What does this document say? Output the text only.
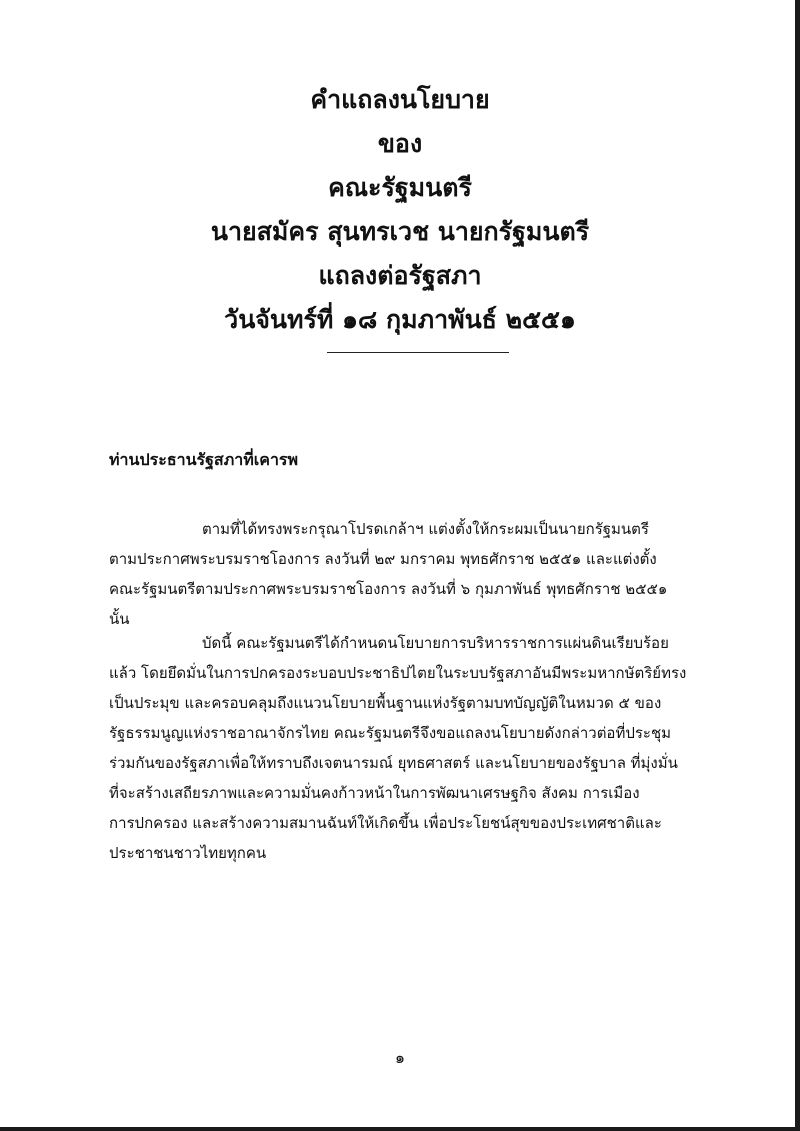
คำแถลงนโยบาย
ของ
คณะรัฐมนตรี
นายสมัคร สุนทรเวช นายกรัฐมนตรี
แถลงต่อรัฐสภา
วันจันทร์ที่ ๑๘ กุมภาพันธ์ ๒๕๕๑
ท่านประธานรัฐสภาที่เคารพ
ตามที่ได้ทรงพระกรุณาโปรดเกล้าฯ แต่งตั้งให้กระผมเป็นนายกรัฐมนตรี
ตามประกาศพระบรมราชโองการ ลงวันที่ ๒๙ มกราคม พุทธศักราช ๒๕๕๑ และแต่งตั้ง
คณะรัฐมนตรีตามประกาศพระบรมราชโองการ ลงวันที่ ๖ กุมภาพันธ์ พุทธศักราช ๒๕๕๑
นั้น
บัดนี้ คณะรัฐมนตรีได้กำหนดนโยบายการบริหารราชการแผ่นดินเรียบร้อย
แล้ว โดยยึดมั่นในการปกครองระบอบประชาธิปไตยในระบบรัฐสภาอันมีพระมหากษัตริย์ทรง
เป็นประมุข และครอบคลุมถึงแนวนโยบายพื้นฐานแห่งรัฐตามบทบัญญัติในหมวด ๕ ของ
รัฐธรรมนูญแห่งราชอาณาจักรไทย คณะรัฐมนตรีจึงขอแถลงนโยบายดังกล่าวต่อที่ประชุม
ร่วมกันของรัฐสภาเพื่อให้ทราบถึงเจตนารมณ์ ยุทธศาสตร์ และนโยบายของรัฐบาล ที่มุ่งมั่น
ที่จะสร้างเสถียรภาพและความมั่นคงก้าวหน้าในการพัฒนาเศรษฐกิจ สังคม การเมือง
การปกครอง และสร้างความสมานฉันท์ให้เกิดขึ้น เพื่อประโยชน์สุขของประเทศชาติและ
ประชาชนชาวไทยทุกคน
๑
